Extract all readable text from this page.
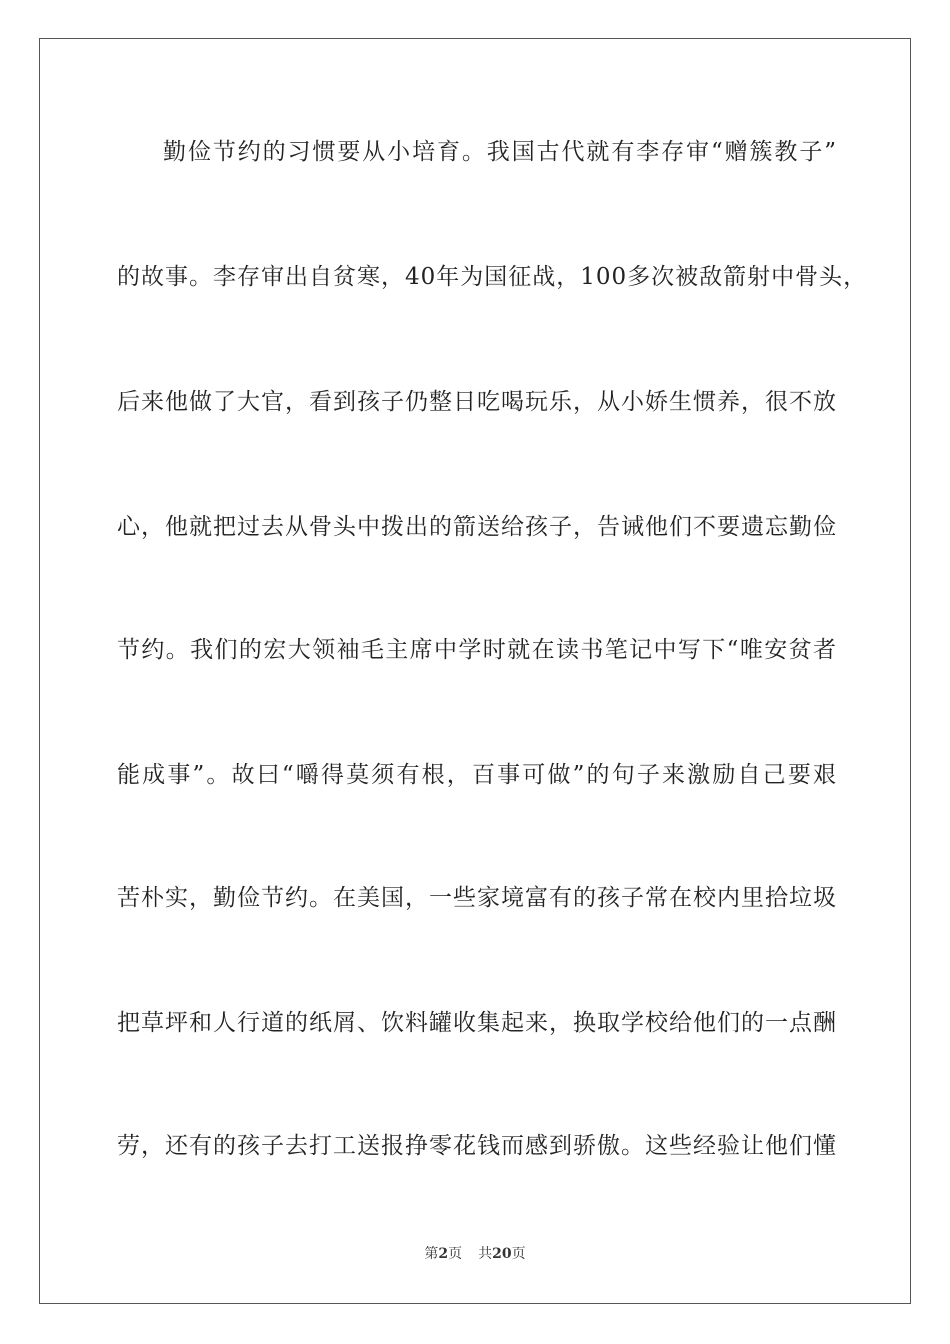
勤俭节约的习惯要从小培育。我国古代就有李存审“赠簇教子”
的故事。李存审出自贫寒，40年为国征战，100多次被敌箭射中骨头，
后来他做了大官，看到孩子仍整日吃喝玩乐，从小娇生惯养，很不放
心，他就把过去从骨头中拨出的箭送给孩子，告诫他们不要遗忘勤俭
节约。我们的宏大领袖毛主席中学时就在读书笔记中写下“唯安贫者
能成事”。故曰“嚼得莫须有根，百事可做”的句子来激励自己要艰
苦朴实，勤俭节约。在美国，一些家境富有的孩子常在校内里拾垃圾
把草坪和人行道的纸屑、饮料罐收集起来，换取学校给他们的一点酬
劳，还有的孩子去打工送报挣零花钱而感到骄傲。这些经验让他们懂
第2页 共20页
